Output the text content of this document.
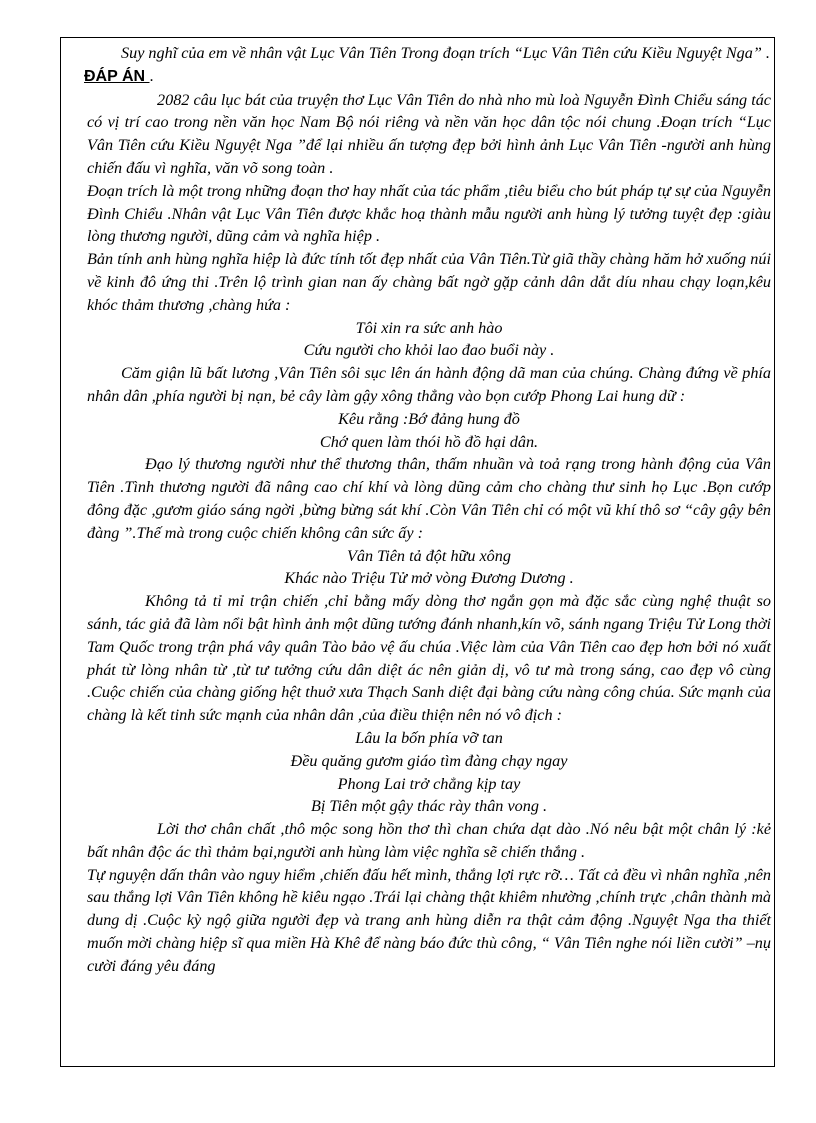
Suy nghĩ của em về nhân vật Lục Vân Tiên Trong đoạn trích “Lục Vân Tiên cứu Kiều Nguyệt Nga” .

ĐÁP ÁN .

2082 câu lục bát của truyện thơ Lục Vân Tiên do nhà nho mù loà Nguyễn Đình Chiểu sáng tác có vị trí cao trong nền văn học Nam Bộ nói riêng và nền văn học dân tộc nói chung .Đoạn trích “Lục Vân Tiên cứu Kiều Nguyệt Nga ”để lại nhiều ấn tượng đẹp bởi hình ảnh Lục Vân Tiên -người anh hùng chiến đấu vì nghĩa, văn võ song toàn .

Đoạn trích là một trong những đoạn thơ hay nhất của tác phẩm ,tiêu biểu cho bút pháp tự sự của Nguyễn Đình Chiểu .Nhân vật Lục Vân Tiên được khắc hoạ thành mẫu người anh hùng lý tưởng tuyệt đẹp :giàu lòng thương người, dũng cảm và nghĩa hiệp .

Bản tính anh hùng nghĩa hiệp là đức tính tốt đẹp nhất của Vân Tiên.Từ giã thầy chàng hăm hở xuống núi về kinh đô ứng thi .Trên lộ trình gian nan ấy chàng bất ngờ gặp cảnh dân dắt díu nhau chạy loạn,kêu khóc thảm thương ,chàng hứa :

Tôi xin ra sức anh hào

Cứu người cho khỏi lao đao buổi này .

Căm giận lũ bất lương ,Vân Tiên sôi sục lên án hành động dã man của chúng. Chàng đứng về phía nhân dân ,phía người bị nạn, bẻ cây làm gậy xông thẳng vào bọn cướp Phong Lai hung dữ :

Kêu rằng :Bớ đảng hung đồ

Chớ quen làm thói hồ đồ hại dân.

Đạo lý thương người như thể thương thân, thấm nhuần và toả rạng trong hành động của Vân Tiên .Tình thương người đã nâng cao chí khí và lòng dũng cảm cho chàng thư sinh họ Lục .Bọn cướp đông đặc ,gươm giáo sáng ngời ,bừng bừng sát khí .Còn Vân Tiên chỉ có một vũ khí thô sơ “cây gậy bên đàng ”.Thế mà trong cuộc chiến không cân sức ấy :

Vân Tiên tả đột hữu xông

Khác nào Triệu Tử mở vòng Đương Dương .

Không tả tỉ mỉ trận chiến ,chỉ bằng mấy dòng thơ ngắn gọn mà đặc sắc cùng nghệ thuật so sánh, tác giả đã làm nổi bật hình ảnh một dũng tướng đánh nhanh,kín võ, sánh ngang Triệu Tử Long thời Tam Quốc trong trận phá vây quân Tào bảo vệ ấu chúa .Việc làm của Vân Tiên cao đẹp hơn bởi nó xuất phát từ lòng nhân từ ,từ tư tưởng cứu dân diệt ác nên giản dị, vô tư mà trong sáng, cao đẹp vô cùng .Cuộc chiến của chàng giống hệt thuở xưa Thạch Sanh diệt đại bàng cứu nàng công chúa. Sức mạnh của chàng là kết tinh sức mạnh của nhân dân ,của điều thiện nên nó vô địch :

Lâu la bốn phía vỡ tan

Đều quăng gươm giáo tìm đàng chạy ngay

Phong Lai trở chẳng kịp tay

Bị Tiên một gậy thác rày thân vong .

Lời thơ chân chất ,thô mộc song hồn thơ thì chan chứa dạt dào .Nó nêu bật một chân lý :kẻ bất nhân độc ác thì thảm bại,người anh hùng làm việc nghĩa sẽ chiến thắng .

Tự nguyện dấn thân vào nguy hiểm ,chiến đấu hết mình, thắng lợi rực rỡ… Tất cả đều vì nhân nghĩa ,nên sau thắng lợi Vân Tiên không hề kiêu ngạo .Trái lại chàng thật khiêm nhường ,chính trực ,chân thành mà dung dị .Cuộc kỳ ngộ giữa người đẹp và trang anh hùng diễn ra thật cảm động .Nguyệt Nga tha thiết muốn mời chàng hiệp sĩ qua miền Hà Khê để nàng báo đức thù công, “ Vân Tiên nghe nói liền cười” –nụ cười đáng yêu đáng
